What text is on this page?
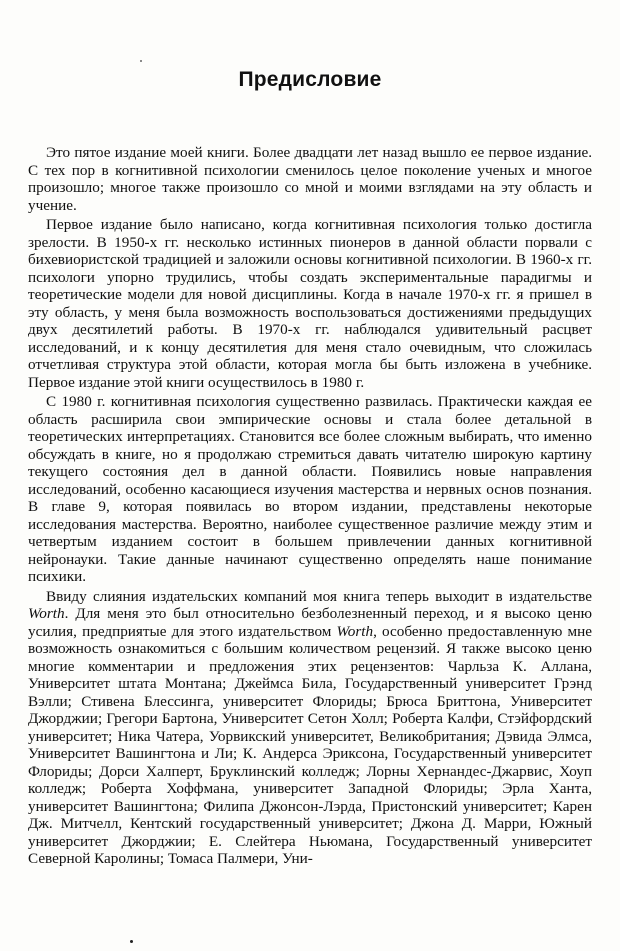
Предисловие

Это пятое издание моей книги. Более двадцати лет назад вышло ее первое издание. С тех пор в когнитивной психологии сменилось целое поколение ученых и многое произошло; многое также произошло со мной и моими взглядами на эту область и учение.

Первое издание было написано, когда когнитивная психология только достигла зрелости. В 1950-х гг. несколько истинных пионеров в данной области порвали с бихевиористской традицией и заложили основы когнитивной психологии. В 1960-х гг. психологи упорно трудились, чтобы создать экспериментальные парадигмы и теоретические модели для новой дисциплины. Когда в начале 1970-х гг. я пришел в эту область, у меня была возможность воспользоваться достижениями предыдущих двух десятилетий работы. В 1970-х гг. наблюдался удивительный расцвет исследований, и к концу десятилетия для меня стало очевидным, что сложилась отчетливая структура этой области, которая могла бы быть изложена в учебнике. Первое издание этой книги осуществилось в 1980 г.

С 1980 г. когнитивная психология существенно развилась. Практически каждая ее область расширила свои эмпирические основы и стала более детальной в теоретических интерпретациях. Становится все более сложным выбирать, что именно обсуждать в книге, но я продолжаю стремиться давать читателю широкую картину текущего состояния дел в данной области. Появились новые направления исследований, особенно касающиеся изучения мастерства и нервных основ познания. В главе 9, которая появилась во втором издании, представлены некоторые исследования мастерства. Вероятно, наиболее существенное различие между этим и четвертым изданием состоит в большем привлечении данных когнитивной нейронауки. Такие данные начинают существенно определять наше понимание психики.

Ввиду слияния издательских компаний моя книга теперь выходит в издательстве Worth. Для меня это был относительно безболезненный переход, и я высоко ценю усилия, предприятые для этого издательством Worth, особенно предоставленную мне возможность ознакомиться с большим количеством рецензий. Я также высоко ценю многие комментарии и предложения этих рецензентов: Чарльза К. Аллана, Университет штата Монтана; Джеймса Била, Государственный университет Грэнд Вэлли; Стивена Блессинга, университет Флориды; Брюса Бриттона, Университет Джорджии; Грегори Бартона, Университет Сетон Холл; Роберта Калфи, Стэйфордский университет; Ника Чатера, Уорвикский университет, Великобритания; Дэвида Элмса, Университет Вашингтона и Ли; К. Андерса Эриксона, Государственный университет Флориды; Дорси Халперт, Бруклинский колледж; Лорны Хернандес-Джарвис, Хоуп колледж; Роберта Хоффмана, университет Западной Флориды; Эрла Ханта, университет Вашингтона; Филипа Джонсон-Лэрда, Пристонский университет; Карен Дж. Митчелл, Кентский государственный университет; Джона Д. Марри, Южный университет Джорджии; Е. Слейтера Ньюмана, Государственный университет Северной Каролины; Томаса Палмери, Уни-
